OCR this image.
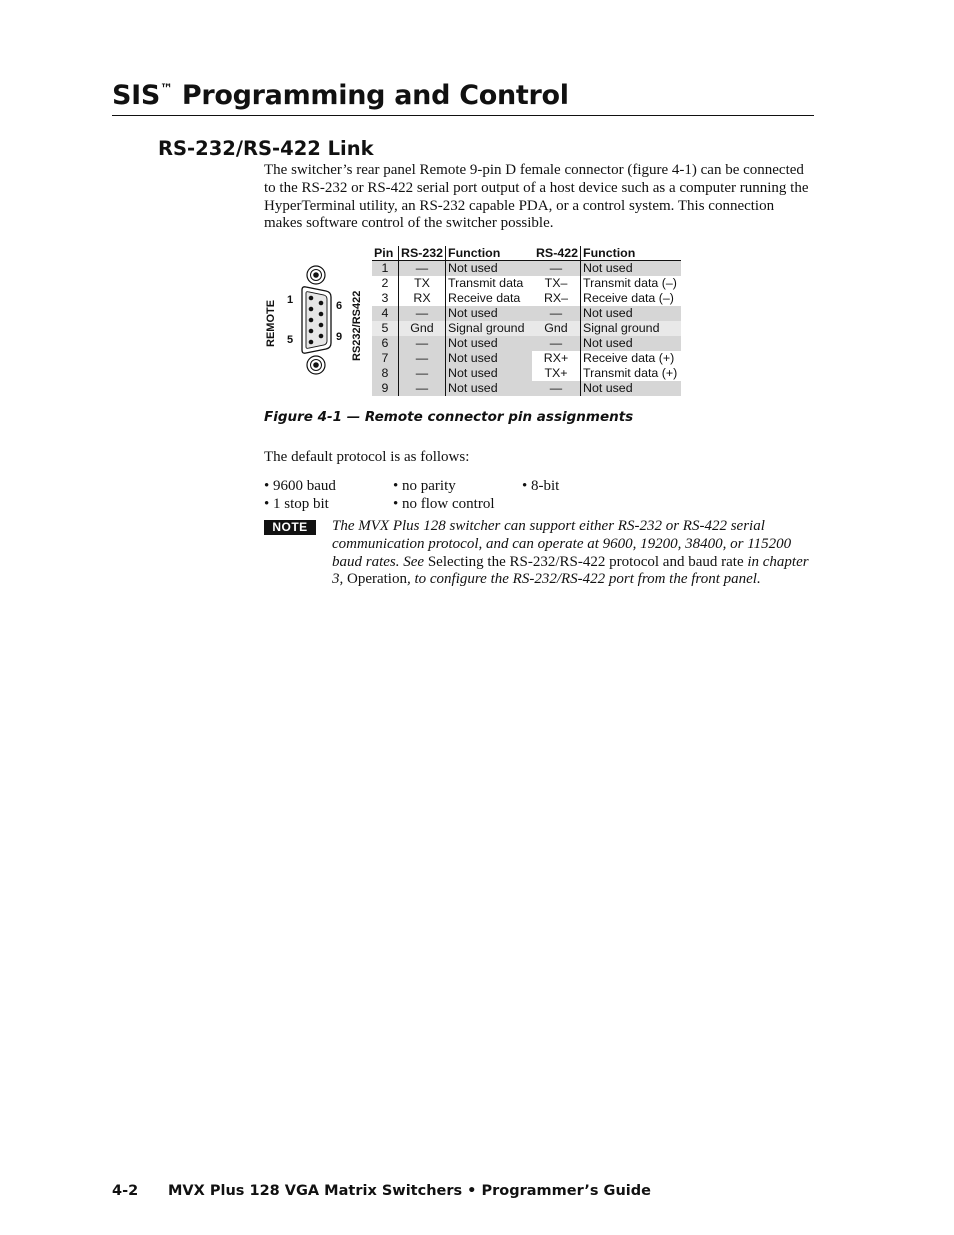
SIS™ Programming and Control
RS-232/RS-422 Link

The switcher’s rear panel Remote 9-pin D female connector (figure 4-1) can be connected to the RS-232 or RS-422 serial port output of a host device such as a computer running the HyperTerminal utility, an RS-232 capable PDA, or a control system. This connection makes software control of the switcher possible.

REMOTE	RS232/RS422
1
5
6
9
Pin	RS-232	Function	RS-422	Function
1	—	Not used	—	Not used
2	TX	Transmit data	TX–	Transmit data (–)
3	RX	Receive data	RX–	Receive data (–)
4	—	Not used	—	Not used
5	Gnd	Signal ground	Gnd	Signal ground
6	—	Not used	—	Not used
7	—	Not used	RX+	Receive data (+)
8	—	Not used	TX+	Transmit data (+)
9	—	Not used	—	Not used

Figure 4-1 — Remote connector pin assignments

The default protocol is as follows:

• 9600 baud	• no parity	• 8-bit
• 1 stop bit	• no flow control
NOTE	The MVX Plus 128 switcher can support either RS-232 or RS-422 serial communication protocol, and can operate at 9600, 19200, 38400, or 115200 baud rates. See Selecting the RS-232/RS-422 protocol and baud rate in chapter 3, Operation, to configure the RS-232/RS-422 port from the front panel.

4-2 MVX Plus 128 VGA Matrix Switchers • Programmer’s Guide
